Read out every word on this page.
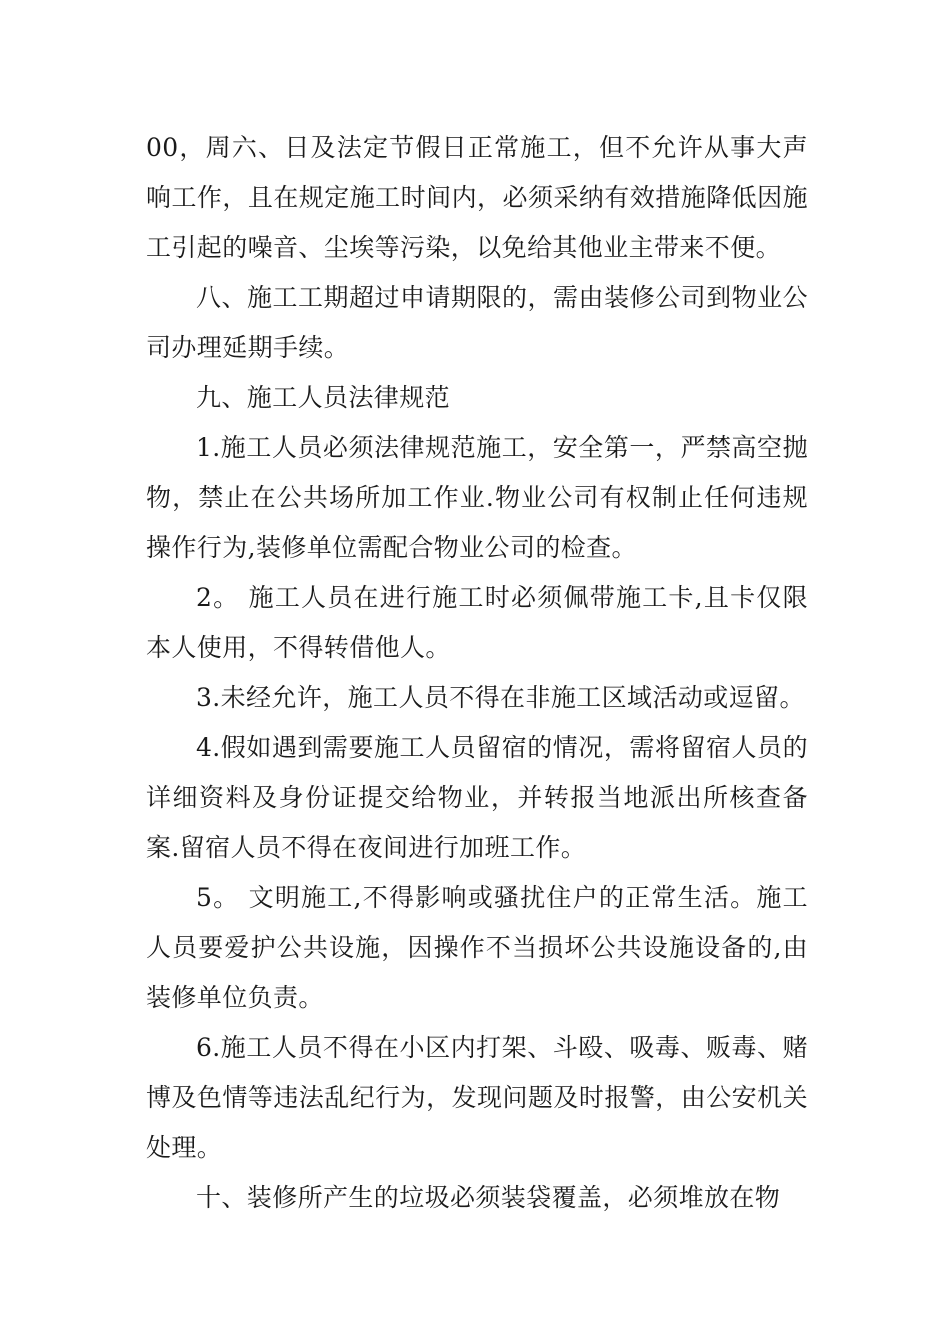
00，周六、日及法定节假日正常施工，但不允许从事大声响工作，且在规定施工时间内，必须采纳有效措施降低因施工引起的噪音、尘埃等污染，以免给其他业主带来不便。

八、施工工期超过申请期限的，需由装修公司到物业公司办理延期手续。

九、施工人员法律规范

1.施工人员必须法律规范施工，安全第一，严禁高空抛物，禁止在公共场所加工作业.物业公司有权制止任何违规操作行为,装修单位需配合物业公司的检查。

2。 施工人员在进行施工时必须佩带施工卡,且卡仅限本人使用，不得转借他人。

3.未经允许，施工人员不得在非施工区域活动或逗留。

4.假如遇到需要施工人员留宿的情况，需将留宿人员的详细资料及身份证提交给物业，并转报当地派出所核查备案.留宿人员不得在夜间进行加班工作。

5。 文明施工,不得影响或骚扰住户的正常生活。施工人员要爱护公共设施，因操作不当损坏公共设施设备的,由装修单位负责。

6.施工人员不得在小区内打架、斗殴、吸毒、贩毒、赌博及色情等违法乱纪行为，发现问题及时报警，由公安机关处理。

十、装修所产生的垃圾必须装袋覆盖，必须堆放在物
